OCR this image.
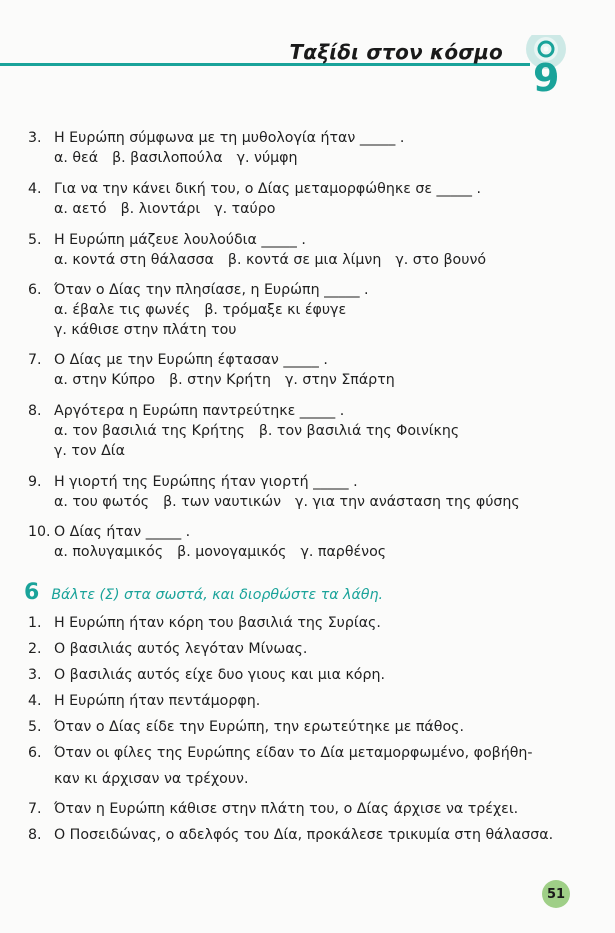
Ταξίδι στον κόσμο
9
3. Η Ευρώπη σύμφωνα με τη μυθολογία ήταν _____ .
α. θεά β. βασιλοπούλα γ. νύμφη
4. Για να την κάνει δική του, ο Δίας μεταμορφώθηκε σε _____ .
α. αετό β. λιοντάρι γ. ταύρο
5. Η Ευρώπη μάζευε λουλούδια _____ .
α. κοντά στη θάλασσα β. κοντά σε μια λίμνη γ. στο βουνό
6. Όταν ο Δίας την πλησίασε, η Ευρώπη _____ .
α. έβαλε τις φωνές β. τρόμαξε κι έφυγε
γ. κάθισε στην πλάτη του
7. Ο Δίας με την Ευρώπη έφτασαν _____ .
α. στην Κύπρο β. στην Κρήτη γ. στην Σπάρτη
8. Αργότερα η Ευρώπη παντρεύτηκε _____ .
α. τον βασιλιά της Κρήτης β. τον βασιλιά της Φοινίκης
γ. τον Δία
9. Η γιορτή της Ευρώπης ήταν γιορτή _____ .
α. του φωτός β. των ναυτικών γ. για την ανάσταση της φύσης
10. Ο Δίας ήταν _____ .
α. πολυγαμικός β. μονογαμικός γ. παρθένος
6 Βάλτε (Σ) στα σωστά, και διορθώστε τα λάθη.
1. Η Ευρώπη ήταν κόρη του βασιλιά της Συρίας.
2. Ο βασιλιάς αυτός λεγόταν Μίνωας.
3. Ο βασιλιάς αυτός είχε δυο γιους και μια κόρη.
4. Η Ευρώπη ήταν πεντάμορφη.
5. Όταν ο Δίας είδε την Ευρώπη, την ερωτεύτηκε με πάθος.
6. Όταν οι φίλες της Ευρώπης είδαν το Δία μεταμορφωμένο, φοβήθη-
καν κι άρχισαν να τρέχουν.
7. Όταν η Ευρώπη κάθισε στην πλάτη του, ο Δίας άρχισε να τρέχει.
8. Ο Ποσειδώνας, ο αδελφός του Δία, προκάλεσε τρικυμία στη θάλασσα.
51
